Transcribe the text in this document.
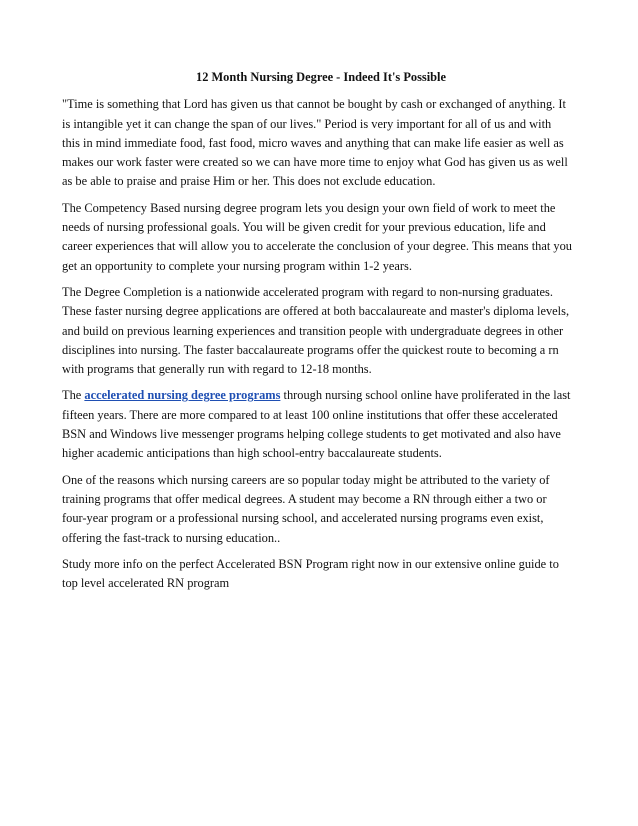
12 Month Nursing Degree - Indeed It's Possible

"Time is something that Lord has given us that cannot be bought by cash or exchanged of anything. It is intangible yet it can change the span of our lives." Period is very important for all of us and with this in mind immediate food, fast food, micro waves and anything that can make life easier as well as makes our work faster were created so we can have more time to enjoy what God has given us as well as be able to praise and praise Him or her. This does not exclude education.

The Competency Based nursing degree program lets you design your own field of work to meet the needs of nursing professional goals. You will be given credit for your previous education, life and career experiences that will allow you to accelerate the conclusion of your degree. This means that you get an opportunity to complete your nursing program within 1-2 years.

The Degree Completion is a nationwide accelerated program with regard to non-nursing graduates. These faster nursing degree applications are offered at both baccalaureate and master's diploma levels, and build on previous learning experiences and transition people with undergraduate degrees in other disciplines into nursing. The faster baccalaureate programs offer the quickest route to becoming a rn with programs that generally run with regard to 12-18 months.

The accelerated nursing degree programs through nursing school online have proliferated in the last fifteen years. There are more compared to at least 100 online institutions that offer these accelerated BSN and Windows live messenger programs helping college students to get motivated and also have higher academic anticipations than high school-entry baccalaureate students.

One of the reasons which nursing careers are so popular today might be attributed to the variety of training programs that offer medical degrees. A student may become a RN through either a two or four-year program or a professional nursing school, and accelerated nursing programs even exist, offering the fast-track to nursing education..

Study more info on the perfect Accelerated BSN Program right now in our extensive online guide to top level accelerated RN program
